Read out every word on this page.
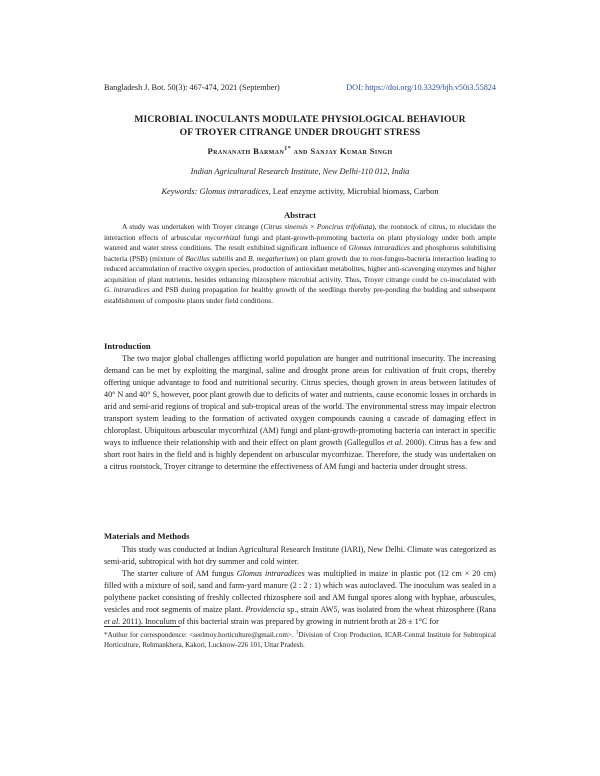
Bangladesh J. Bot. 50(3): 467-474, 2021 (September)	DOI: https://doi.org/10.3329/bjb.v50i3.55824
MICROBIAL INOCULANTS MODULATE PHYSIOLOGICAL BEHAVIOUR
OF TROYER CITRANGE UNDER DROUGHT STRESS
Prananath Barman$^{1*}$ and Sanjay Kumar Singh
Indian Agricultural Research Institute, New Delhi-110 012, India
Keywords: Glomus intraradices, Leaf enzyme activity, Microbial biomass, Carbon
Abstract
A study was undertaken with Troyer citrange (Citrus sinensis × Poncirus trifoliata), the rootstock of citrus, to elucidate the interaction effects of arbuscular mycorrhizal fungi and plant-growth-promoting bacteria on plant physiology under both ample watered and water stress conditions. The result exhibited significant influence of Glomus intraradices and phosphorus solubilising bacteria (PSB) (mixture of Bacillus subtilis and B. megatherium) on plant growth due to root-fungus-bacteria interaction leading to reduced accumulation of reactive oxygen species, production of antioxidant metabolites, higher anti-scavenging enzymes and higher acquisition of plant nutrients, besides enhancing rhizosphere microbial activity. Thus, Troyer citrange could be co-inoculated with G. intraradices and PSB during propagation for healthy growth of the seedlings thereby pre-ponding the budding and subsequent establishment of composite plants under field conditions.
Introduction

The two major global challenges afflicting world population are hunger and nutritional insecurity. The increasing demand can be met by exploiting the marginal, saline and drought prone areas for cultivation of fruit crops, thereby offering unique advantage to food and nutritional security. Citrus species, though grown in areas between latitudes of 40° N and 40° S, however, poor plant growth due to deficits of water and nutrients, cause economic losses in orchards in arid and semi-arid regions of tropical and sub-tropical areas of the world. The environmental stress may impair electron transport system leading to the formation of activated oxygen compounds causing a cascade of damaging effect in chloroplast. Ubiquitous arbuscular mycorrhizal (AM) fungi and plant-growth-promoting bacteria can interact in specific ways to influence their relationship with and their effect on plant growth (Gallegullos et al. 2000). Citrus has a few and short root hairs in the field and is highly dependent on arbuscular mycorrhizae. Therefore, the study was undertaken on a citrus rootstock, Troyer citrange to determine the effectiveness of AM fungi and bacteria under drought stress.

Materials and Methods

This study was conducted at Indian Agricultural Research Institute (IARI), New Delhi. Climate was categorized as semi-arid, subtropical with hot dry summer and cold winter.

The starter culture of AM fungus Glomus intraradices was multiplied in maize in plastic pot (12 cm × 20 cm) filled with a mixture of soil, sand and farm-yard manure (2 : 2 : 1) which was autoclaved. The inoculum was sealed in a polythene packet consisting of freshly collected rhizosphere soil and AM fungal spores along with hyphae, arbuscules, vesicles and root segments of maize plant. Providencia sp., strain AW5, was isolated from the wheat rhizosphere (Rana et al. 2011). Inoculum of this bacterial strain was prepared by growing in nutrient broth at 28 ± 1°C for

*Author for correspondence: <seelmoy.horticulture@gmail.com>. $^1$Division of Crop Production, ICAR-Central Institute for Subtropical Horticulture, Rehmankhera, Kakori, Lucknow-226 101, Uttar Pradesh.
